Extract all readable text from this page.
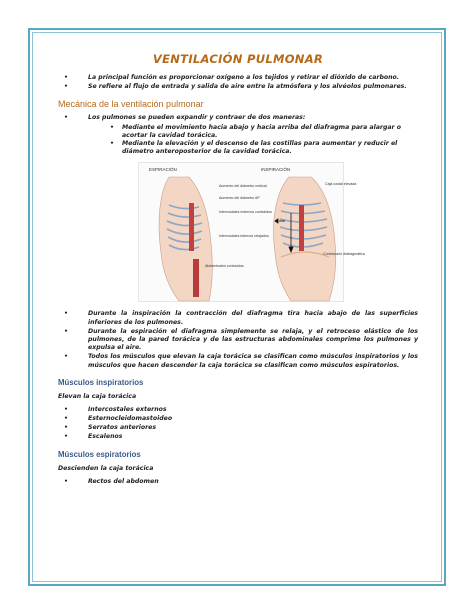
VENTILACIÓN PULMONAR
• La principal función es proporcionar oxígeno a los tejidos y retirar el dióxido de carbono.
• Se refiere al flujo de entrada y salida de aire entre la atmósfera y los alvéolos pulmonares.
Mecánica de la ventilación pulmonar
• Los pulmones se pueden expandir y contraer de dos maneras:
• Mediante el movimiento hacia abajo y hacia arriba del diafragma para alargar o acortar la cavidad torácica.
• Mediante la elevación y el descenso de las costillas para aumentar y reducir el diámetro anteroposterior de la cavidad torácica.
ESPIRACIÓN	INSPIRACIÓN
Aumento del diámetro vertical
Aumento del diámetro AP
Intercostales externos contraídos
Intercostales internos relajados
Abdominales contraídos
Caja costal elevada
Contracción diafragmática
• Durante la inspiración la contracción del diafragma tira hacia abajo de las superficies inferiores de los pulmones.
• Durante la espiración el diafragma simplemente se relaja, y el retroceso elástico de los pulmones, de la pared torácica y de las estructuras abdominales comprime los pulmones y expulsa el aire.
• Todos los músculos que elevan la caja torácica se clasifican como músculos inspiratorios y los músculos que hacen descender la caja torácica se clasifican como músculos espiratorios.
Músculos inspiratorios
Elevan la caja torácica
• Intercostales externos
• Esternocleidomastoideo
• Serratos anteriores
• Escalenos
Músculos espiratorios
Descienden la caja torácica
• Rectos del abdomen
